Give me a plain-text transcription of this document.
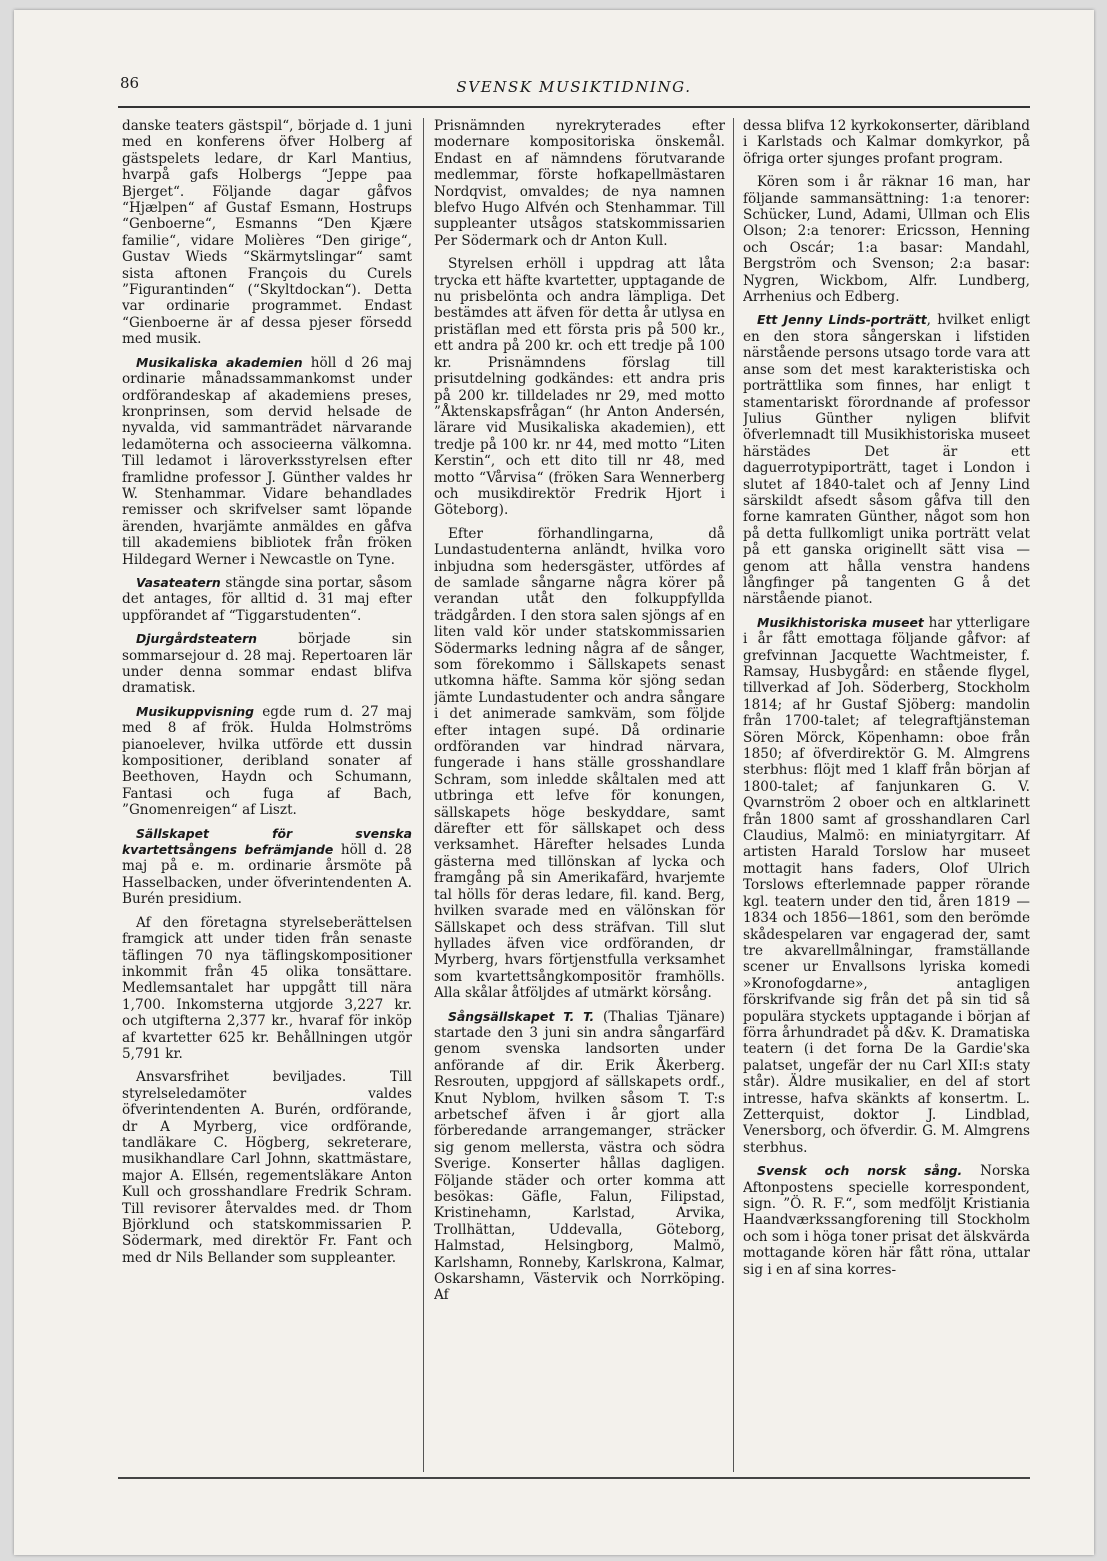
86	SVENSK MUSIKTIDNING.

danske teaters gästspil“, började d. 1 juni med en konferens öfver Holberg af gästspelets ledare, dr Karl Mantius, hvarpå gafs Holbergs “Jeppe paa Bjerget“. Följande dagar gåfvos “Hjælpen“ af Gustaf Esmann, Hostrups “Genboerne“, Esmanns “Den Kjære familie“, vidare Molières “Den girige“, Gustav Wieds “Skärmytslingar“ samt sista aftonen François du Curels ”Figurantinden“ (“Skyltdockan“). Detta var ordinarie programmet. Endast “Gienboerne är af dessa pjeser försedd med musik.

Musikaliska akademien höll d 26 maj ordinarie månadssammankomst under ordförandeskap af akademiens preses, kronprinsen, som dervid helsade de nyvalda, vid sammanträdet närvarande ledamöterna och associeerna välkomna. Till ledamot i läroverksstyrelsen efter framlidne professor J. Günther valdes hr W. Stenhammar. Vidare behandlades remisser och skrifvelser samt löpande ärenden, hvarjämte anmäldes en gåfva till akademiens bibliotek från fröken Hildegard Werner i Newcastle on Tyne.

Vasateatern stängde sina portar, såsom det antages, för alltid d. 31 maj efter uppförandet af “Tiggarstudenten“.

Djurgårdsteatern började sin sommarsejour d. 28 maj. Repertoaren lär under denna sommar endast blifva dramatisk.

Musikuppvisning egde rum d. 27 maj med 8 af frök. Hulda Holmströms pianoelever, hvilka utförde ett dussin kompositioner, deribland sonater af Beethoven, Haydn och Schumann, Fantasi och fuga af Bach, ”Gnomenreigen“ af Liszt.

Sällskapet för svenska kvartettsångens befrämjande höll d. 28 maj på e. m. ordinarie årsmöte på Hasselbacken, under öfverintendenten A. Burén presidium.

Af den företagna styrelseberättelsen framgick att under tiden från senaste täflingen 70 nya täflingskompositioner inkommit från 45 olika tonsättare. Medlemsantalet har uppgått till nära 1,700. Inkomsterna utgjorde 3,227 kr. och utgifterna 2,377 kr., hvaraf för inköp af kvartetter 625 kr. Behållningen utgör 5,791 kr.

Ansvarsfrihet beviljades. Till styrelseledamöter valdes öfverintendenten A. Burén, ordförande, dr A Myrberg, vice ordförande, tandläkare C. Högberg, sekreterare, musikhandlare Carl Johnn, skattmästare, major A. Ellsén, regementsläkare Anton Kull och grosshandlare Fredrik Schram. Till revisorer återvaldes med. dr Thom Björklund och statskommissarien P. Södermark, med direktör Fr. Fant och med dr Nils Bellander som suppleanter.

Prisnämnden nyrekryterades efter modernare kompositoriska önskemål. Endast en af nämndens förutvarande medlemmar, förste hofkapellmästaren Nordqvist, omvaldes; de nya namnen blefvo Hugo Alfvén och Stenhammar. Till suppleanter utsågos statskommissarien Per Södermark och dr Anton Kull.

Styrelsen erhöll i uppdrag att låta trycka ett häfte kvartetter, upptagande de nu prisbelönta och andra lämpliga. Det bestämdes att äfven för detta år utlysa en pristäflan med ett första pris på 500 kr., ett andra på 200 kr. och ett tredje på 100 kr. Prisnämndens förslag till prisutdelning godkändes: ett andra pris på 200 kr. tilldelades nr 29, med motto ”Åktenskapsfrågan“ (hr Anton Andersén, lärare vid Musikaliska akademien), ett tredje på 100 kr. nr 44, med motto “Liten Kerstin“, och ett dito till nr 48, med motto “Vårvisa“ (fröken Sara Wennerberg och musikdirektör Fredrik Hjort i Göteborg).

Efter förhandlingarna, då Lundastudenterna anländt, hvilka voro inbjudna som hedersgäster, utfördes af de samlade sångarne några körer på verandan utåt den folkuppfyllda trädgården. I den stora salen sjöngs af en liten vald kör under statskommissarien Södermarks ledning några af de sånger, som förekommo i Sällskapets senast utkomna häfte. Samma kör sjöng sedan jämte Lundastudenter och andra sångare i det animerade samkväm, som följde efter intagen supé. Då ordinarie ordföranden var hindrad närvara, fungerade i hans ställe grosshandlare Schram, som inledde skåltalen med att utbringa ett lefve för konungen, sällskapets höge beskyddare, samt därefter ett för sällskapet och dess verksamhet. Härefter helsades Lunda gästerna med tillönskan af lycka och framgång på sin Amerikafärd, hvarjemte tal hölls för deras ledare, fil. kand. Berg, hvilken svarade med en välönskan för Sällskapet och dess sträfvan. Till slut hyllades äfven vice ordföranden, dr Myrberg, hvars förtjenstfulla verksamhet som kvartettsångkompositör framhölls. Alla skålar åtföljdes af utmärkt körsång.

Sångsällskapet T. T. (Thalias Tjänare) startade den 3 juni sin andra sångarfärd genom svenska landsorten under anförande af dir. Erik Åkerberg. Resrouten, uppgjord af sällskapets ordf., Knut Nyblom, hvilken såsom T. T:s arbetschef äfven i år gjort alla förberedande arrangemanger, sträcker sig genom mellersta, västra och södra Sverige. Konserter hållas dagligen. Följande städer och orter komma att besökas: Gäfle, Falun, Filipstad, Kristinehamn, Karlstad, Arvika, Trollhättan, Uddevalla, Göteborg, Halmstad, Helsingborg, Malmö, Karlshamn, Ronneby, Karlskrona, Kalmar, Oskarshamn, Västervik och Norrköping. Af

dessa blifva 12 kyrkokonserter, däribland i Karlstads och Kalmar domkyrkor, på öfriga orter sjunges profant program.

Kören som i år räknar 16 man, har följande sammansättning: 1:a tenorer: Schücker, Lund, Adami, Ullman och Elis Olson; 2:a tenorer: Ericsson, Henning och Oscár; 1:a basar: Mandahl, Bergström och Svenson; 2:a basar: Nygren, Wickbom, Alfr. Lundberg, Arrhenius och Edberg.

Ett Jenny Linds-porträtt, hvilket enligt en den stora sångerskan i lifstiden närstående persons utsago torde vara att anse som det mest karakteristiska och porträttlika som finnes, har enligt t stamentariskt förordnande af professor Julius Günther nyligen blifvit öfverlemnadt till Musikhistoriska museet härstädes Det är ett daguerrotypiporträtt, taget i London i slutet af 1840-talet och af Jenny Lind särskildt afsedt såsom gåfva till den forne kamraten Günther, något som hon på detta fullkomligt unika porträtt velat på ett ganska originellt sätt visa — genom att hålla venstra handens långfinger på tangenten G å det närstående pianot.

Musikhistoriska museet har ytterligare i år fått emottaga följande gåfvor: af grefvinnan Jacquette Wachtmeister, f. Ramsay, Husbygård: en stående flygel, tillverkad af Joh. Söderberg, Stockholm 1814; af hr Gustaf Sjöberg: mandolin från 1700-talet; af telegraftjänsteman Sören Mörck, Köpenhamn: oboe från 1850; af öfverdirektör G. M. Almgrens sterbhus: flöjt med 1 klaff från början af 1800-talet; af fanjunkaren G. V. Qvarnström 2 oboer och en altklarinett från 1800 samt af grosshandlaren Carl Claudius, Malmö: en miniatyrgitarr. Af artisten Harald Torslow har museet mottagit hans faders, Olof Ulrich Torslows efterlemnade papper rörande kgl. teatern under den tid, åren 1819 —1834 och 1856—1861, som den berömde skådespelaren var engagerad der, samt tre akvarellmålningar, framställande scener ur Envallsons lyriska komedi »Kronofogdarne», antagligen förskrifvande sig från det på sin tid så populära styckets upptagande i början af förra århundradet på d&v. K. Dramatiska teatern (i det forna De la Gardie'ska palatset, ungefär der nu Carl XII:s staty står). Äldre musikalier, en del af stort intresse, hafva skänkts af konsertm. L. Zetterquist, doktor J. Lindblad, Venersborg, och öfverdir. G. M. Almgrens sterbhus.

Svensk och norsk sång. Norska Aftonpostens specielle korrespondent, sign. ”Ö. R. F.“, som medföljt Kristiania Haandværkssangforening till Stockholm och som i höga toner prisat det älskvärda mottagande kören här fått röna, uttalar sig i en af sina korres-
